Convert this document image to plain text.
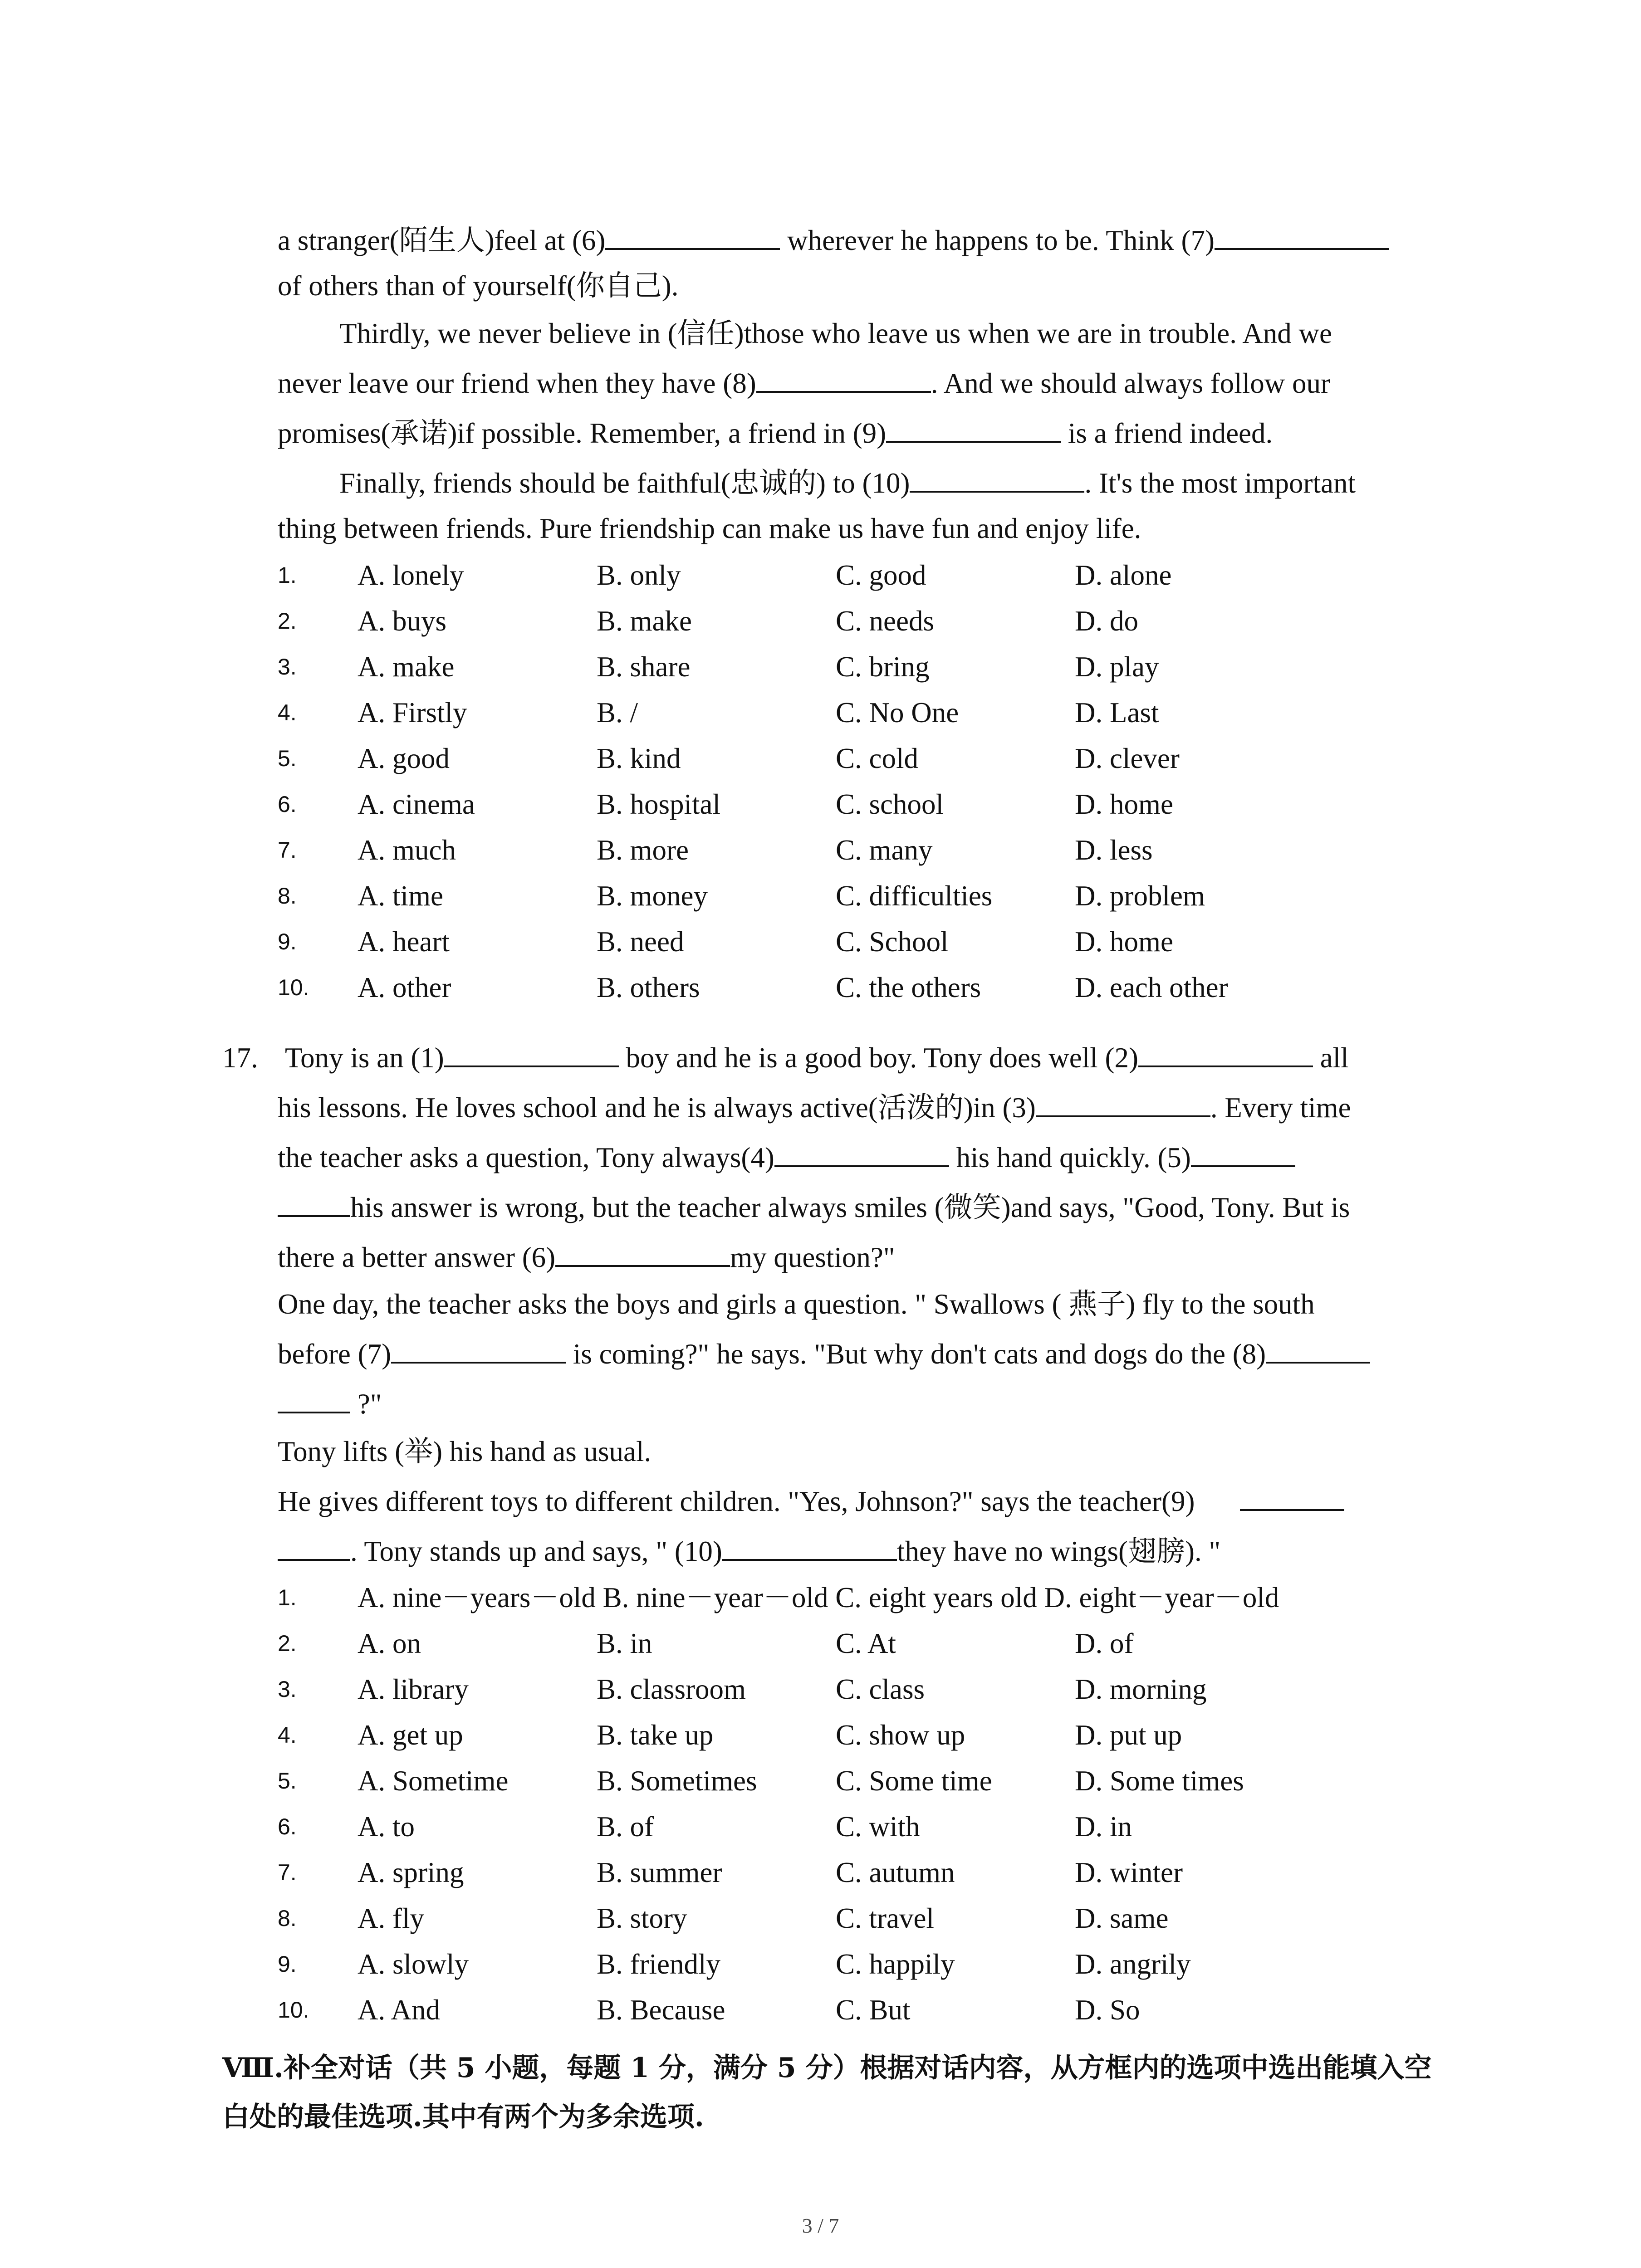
a stranger(陌生人)feel at (6)	wherever he happens to be. Think (7)
of others than of yourself(你自己).
Thirdly, we never believe in (信任)those who leave us when we are in trouble. And we
never leave our friend when they have (8)	. And we should always follow our
promises(承诺)if possible. Remember, a friend in (9)	is a friend indeed.
Finally, friends should be faithful(忠诚的) to (10)	. It's the most important
thing between friends. Pure friendship can make us have fun and enjoy life.
1.	A. lonely	B. only	C. good	D. alone
2.	A. buys	B. make	C. needs	D. do
3.	A. make	B. share	C. bring	D. play
4.	A. Firstly	B. /	C. No One	D. Last
5.	A. good	B. kind	C. cold	D. clever
6.	A. cinema	B. hospital	C. school	D. home
7.	A. much	B. more	C. many	D. less
8.	A. time	B. money	C. difficulties	D. problem
9.	A. heart	B. need	C. School	D. home
10.	A. other	B. others	C. the others	D. each other
17. Tony is an (1)	boy and he is a good boy. Tony does well (2)	all
his lessons. He loves school and he is always active(活泼的)in (3)	. Every time
the teacher asks a question, Tony always(4)	his hand quickly. (5)
his answer is wrong, but the teacher always smiles (微笑)and says, "Good, Tony. But is
there a better answer (6)	my question?"
One day, the teacher asks the boys and girls a question. " Swallows ( 燕子) fly to the south
before (7)	is coming?" he says. "But why don't cats and dogs do the (8)
?"
Tony lifts (举) his hand as usual.
He gives different toys to different children. "Yes, Johnson?" says the teacher(9)
. Tony stands up and says, " (10)	they have no wings(翅膀). "
1.	A. nine－years－old B. nine－year－old C. eight years old D. eight－year－old
2.	A. on	B. in	C. At	D. of
3.	A. library	B. classroom	C. class	D. morning
4.	A. get up	B. take up	C. show up	D. put up
5.	A. Sometime	B. Sometimes	C. Some time	D. Some times
6.	A. to	B. of	C. with	D. in
7.	A. spring	B. summer	C. autumn	D. winter
8.	A. fly	B. story	C. travel	D. same
9.	A. slowly	B. friendly	C. happily	D. angrily
10.	A. And	B. Because	C. But	D. So
Ⅷ.补全对话（共 5 小题，每题 1 分，满分 5 分）根据对话内容，从方框内的选项中选出能填入空白处的最佳选项.其中有两个为多余选项.
3 / 7
